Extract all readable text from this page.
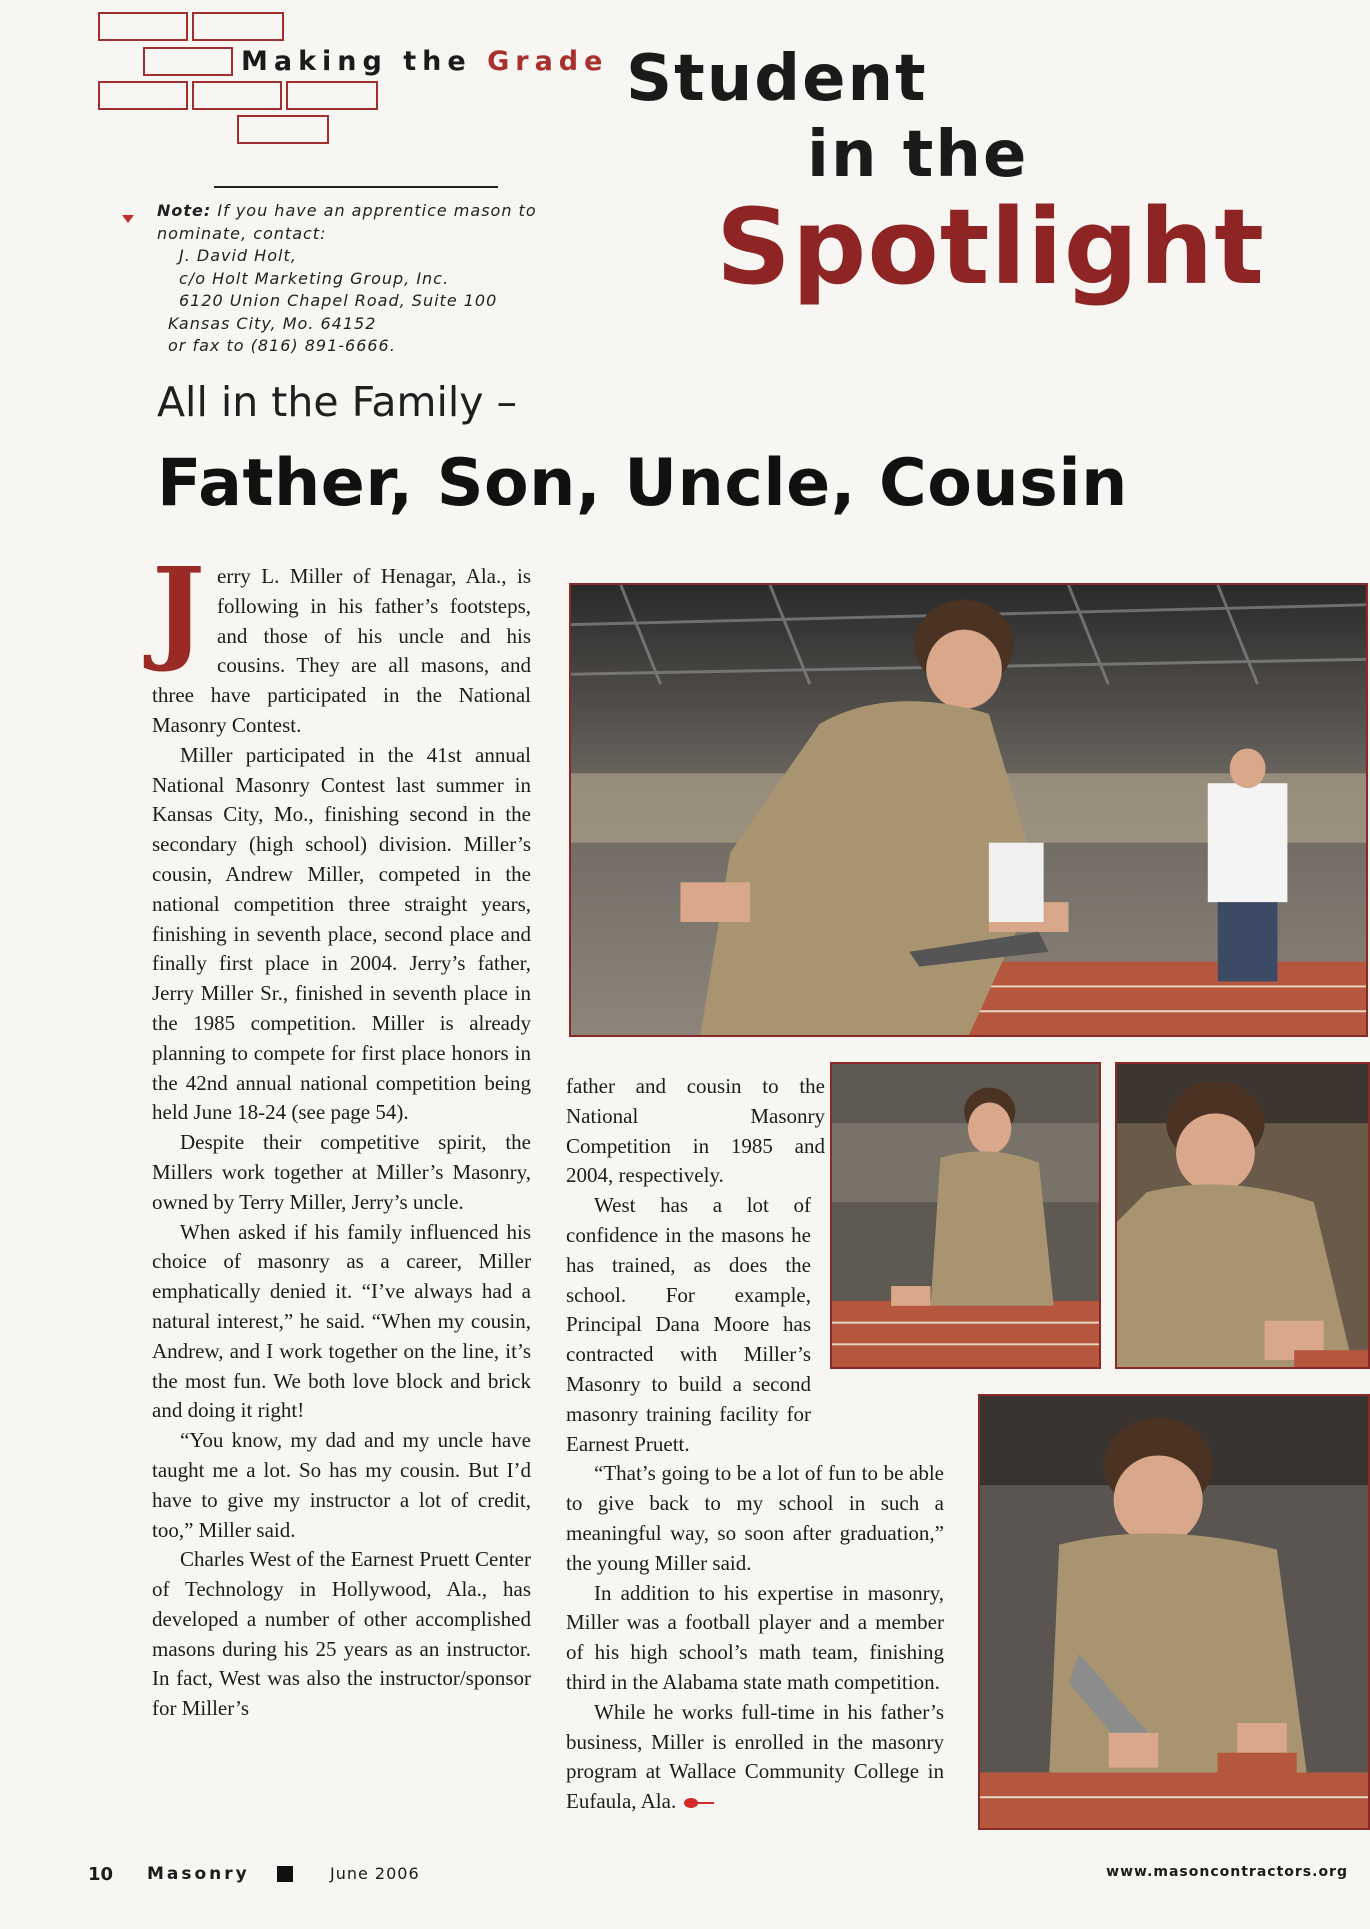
Making the Grade Student
in the
Spotlight
Note: If you have an apprentice mason to
nominate, contact:
J. David Holt,
c/o Holt Marketing Group, Inc.
6120 Union Chapel Road, Suite 100
Kansas City, Mo. 64152
or fax to (816) 891-6666.
All in the Family –
Father, Son, Uncle, Cousin

Jerry L. Miller of Henagar, Ala., is following in his father’s footsteps, and those of his uncle and his cousins. They are all masons, and three have participated in the National Masonry Contest.

Miller participated in the 41st annual National Masonry Contest last summer in Kansas City, Mo., finishing second in the secondary (high school) division. Miller’s cousin, Andrew Miller, competed in the national competition three straight years, finishing in seventh place, second place and finally first place in 2004. Jerry’s father, Jerry Miller Sr., finished in seventh place in the 1985 competition. Miller is already planning to compete for first place honors in the 42nd annual national competition being held June 18-24 (see page 54).

Despite their competitive spirit, the Millers work together at Miller’s Masonry, owned by Terry Miller, Jerry’s uncle.

When asked if his family influenced his choice of masonry as a career, Miller emphatically denied it. “I’ve always had a natural interest,” he said. “When my cousin, Andrew, and I work together on the line, it’s the most fun. We both love block and brick and doing it right!

“You know, my dad and my uncle have taught me a lot. So has my cousin. But I’d have to give my instructor a lot of credit, too,” Miller said.

Charles West of the Earnest Pruett Center of Technology in Hollywood, Ala., has developed a number of other accomplished masons during his 25 years as an instructor. In fact, West was also the instructor/sponsor for Miller’s

father and cousin to the National Masonry Competition in 1985 and 2004, respectively.

West has a lot of confidence in the masons he has trained, as does the school. For example, Principal Dana Moore has contracted with Miller’s Masonry to build a second masonry training facility for Earnest Pruett.

“That’s going to be a lot of fun to be able to give back to my school in such a meaningful way, so soon after graduation,” the young Miller said.

In addition to his expertise in masonry, Miller was a football player and a member of his high school’s math team, finishing third in the Alabama state math competition.

While he works full-time in his father’s business, Miller is enrolled in the masonry program at Wallace Community College in Eufaula, Ala.

10 Masonry	June 2006	www.masoncontractors.org
